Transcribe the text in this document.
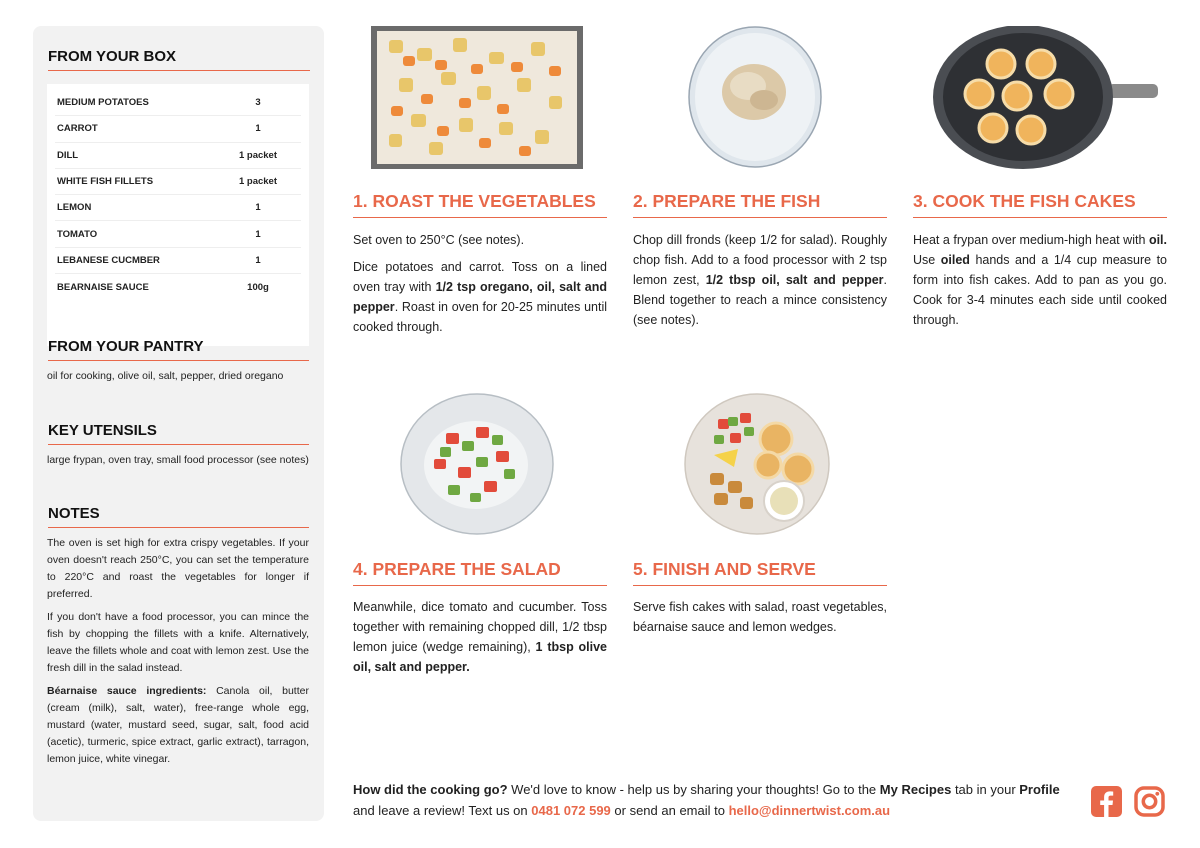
FROM YOUR BOX
MEDIUM POTATOES	3
CARROT	1
DILL	1 packet
WHITE FISH FILLETS	1 packet
LEMON	1
TOMATO	1
LEBANESE CUCMBER	1
BEARNAISE SAUCE	100g
FROM YOUR PANTRY
oil for cooking, olive oil, salt, pepper, dried oregano
KEY UTENSILS
large frypan, oven tray, small food processor (see notes)
NOTES

The oven is set high for extra crispy vegetables. If your oven doesn't reach 250°C, you can set the temperature to 220°C and roast the vegetables for longer if preferred.

If you don't have a food processor, you can mince the fish by chopping the fillets with a knife. Alternatively, leave the fillets whole and coat with lemon zest. Use the fresh dill in the salad instead.

Béarnaise sauce ingredients: Canola oil, butter (cream (milk), salt, water), free-range whole egg, mustard (water, mustard seed, sugar, salt, food acid (acetic), turmeric, spice extract, garlic extract), tarragon, lemon juice, white vinegar.

1. ROAST THE VEGETABLES

Set oven to 250°C (see notes).

Dice potatoes and carrot. Toss on a lined oven tray with 1/2 tsp oregano, oil, salt and pepper. Roast in oven for 20-25 minutes until cooked through.

2. PREPARE THE FISH

Chop dill fronds (keep 1/2 for salad). Roughly chop fish. Add to a food processor with 2 tsp lemon zest, 1/2 tbsp oil, salt and pepper. Blend together to reach a mince consistency (see notes).

3. COOK THE FISH CAKES

Heat a frypan over medium-high heat with oil. Use oiled hands and a 1/4 cup measure to form into fish cakes. Add to pan as you go. Cook for 3-4 minutes each side until cooked through.

4. PREPARE THE SALAD

Meanwhile, dice tomato and cucumber. Toss together with remaining chopped dill, 1/2 tbsp lemon juice (wedge remaining), 1 tbsp olive oil, salt and pepper.

5. FINISH AND SERVE

Serve fish cakes with salad, roast vegetables, béarnaise sauce and lemon wedges.

How did the cooking go? We'd love to know - help us by sharing your thoughts! Go to the My Recipes tab in your Profile and leave a review! Text us on 0481 072 599 or send an email to hello@dinnertwist.com.au
